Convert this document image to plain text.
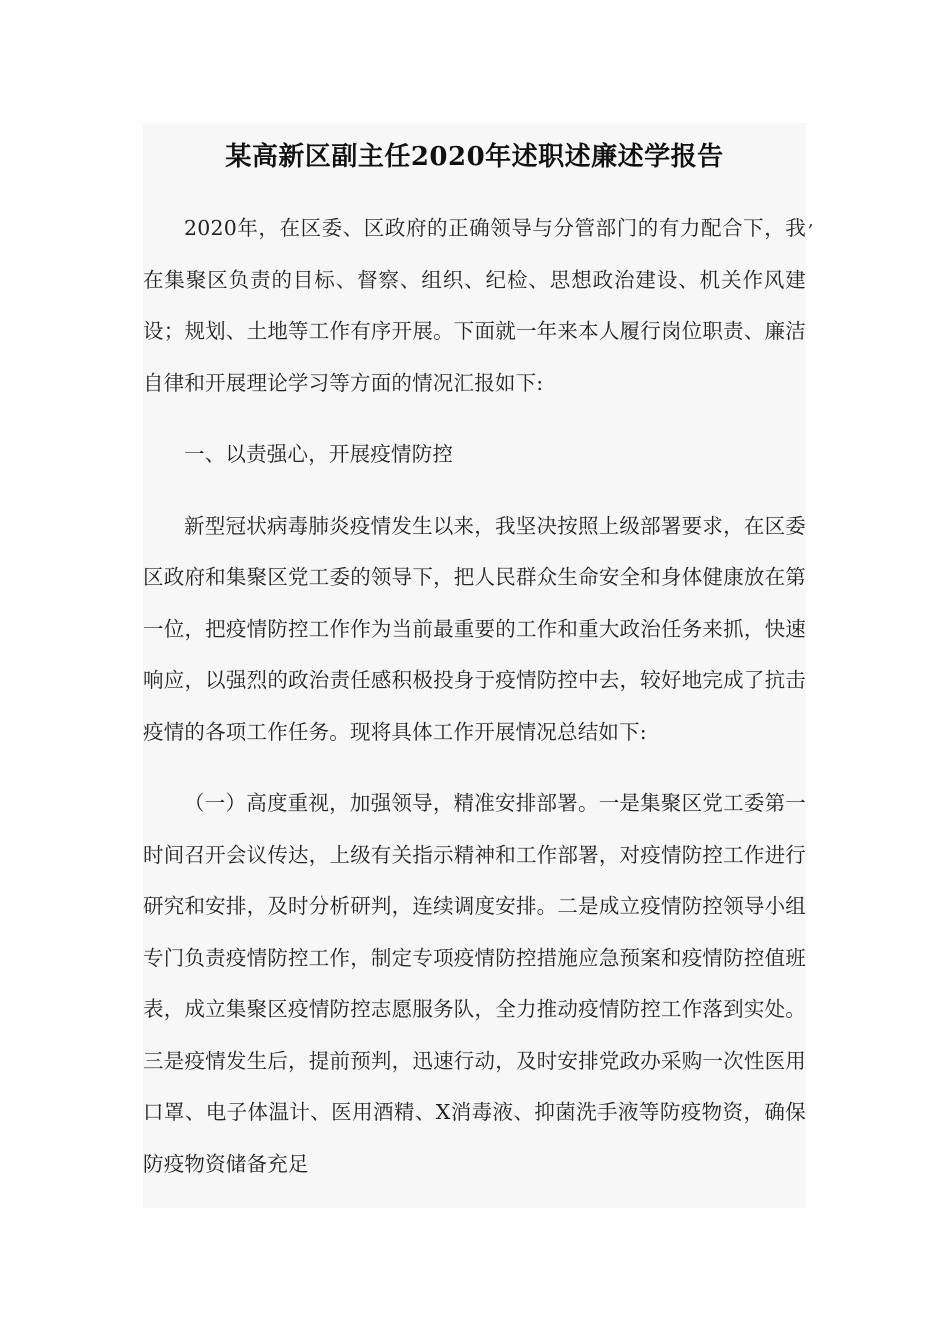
某高新区副主任2020年述职述廉述学报告

2020年，在区委、区政府的正确领导与分管部门的有力配合下，我在集聚区负责的目标、督察、组织、纪检、思想政治建设、机关作风建设；规划、土地等工作有序开展。下面就一年来本人履行岗位职责、廉洁自律和开展理论学习等方面的情况汇报如下:

一、以责强心，开展疫情防控

新型冠状病毒肺炎疫情发生以来，我坚决按照上级部署要求，在区委区政府和集聚区党工委的领导下，把人民群众生命安全和身体健康放在第一位，把疫情防控工作作为当前最重要的工作和重大政治任务来抓，快速响应，以强烈的政治责任感积极投身于疫情防控中去，较好地完成了抗击疫情的各项工作任务。现将具体工作开展情况总结如下:

（一）高度重视，加强领导，精准安排部署。一是集聚区党工委第一时间召开会议传达，上级有关指示精神和工作部署，对疫情防控工作进行研究和安排，及时分析研判，连续调度安排。二是成立疫情防控领导小组专门负责疫情防控工作，制定专项疫情防控措施应急预案和疫情防控值班表，成立集聚区疫情防控志愿服务队，全力推动疫情防控工作落到实处。三是疫情发生后，提前预判，迅速行动，及时安排党政办采购一次性医用口罩、电子体温计、医用酒精、X消毒液、抑菌洗手液等防疫物资，确保防疫物资储备充足

,
